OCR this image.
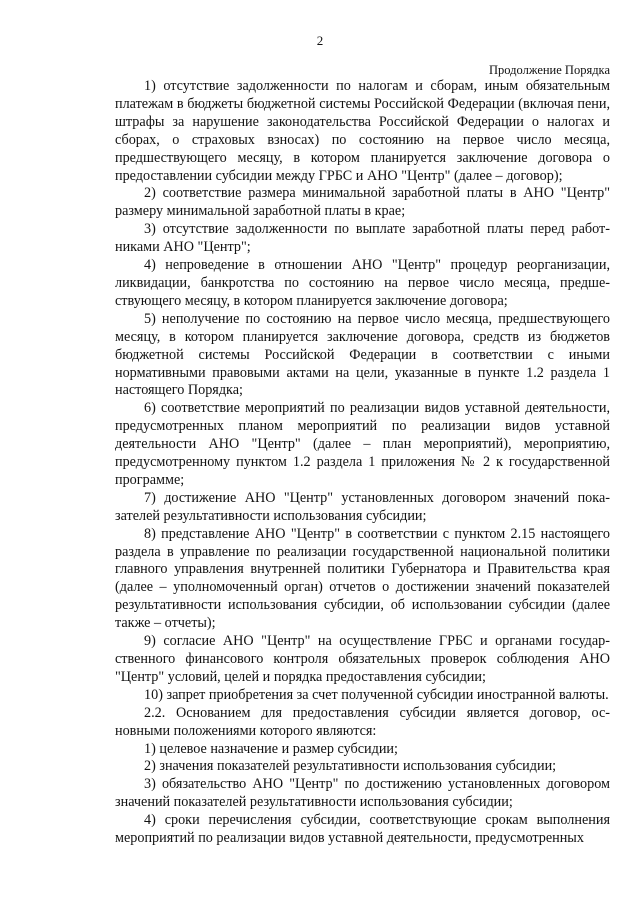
2
Продолжение Порядка

1) отсутствие задолженности по налогам и сборам, иным обязательным платежам в бюджеты бюджетной системы Российской Федерации (включая пени, штрафы за нарушение законодательства Российской Федерации о налогах и сборах, о страховых взносах) по состоянию на первое число месяца, предшествующего месяцу, в котором планируется заключение договора о предоставлении субсидии между ГРБС и АНО "Центр" (далее – договор);

2) соответствие размера минимальной заработной платы в АНО "Центр" размеру минимальной заработной платы в крае;

3) отсутствие задолженности по выплате заработной платы перед работниками АНО "Центр";

4) непроведение в отношении АНО "Центр" процедур реорганизации, ликвидации, банкротства по состоянию на первое число месяца, предшествующего месяцу, в котором планируется заключение договора;

5) неполучение по состоянию на первое число месяца, предшествующего месяцу, в котором планируется заключение договора, средств из бюджетов бюджетной системы Российской Федерации в соответствии с иными нормативными правовыми актами на цели, указанные в пункте 1.2 раздела 1 настоящего Порядка;

6) соответствие мероприятий по реализации видов уставной деятельности, предусмотренных планом мероприятий по реализации видов уставной деятельности АНО "Центр" (далее – план мероприятий), мероприятию, предусмотренному пунктом 1.2 раздела 1 приложения № 2 к государственной программе;

7) достижение АНО "Центр" установленных договором значений показателей результативности использования субсидии;

8) представление АНО "Центр" в соответствии с пунктом 2.15 настоящего раздела в управление по реализации государственной национальной политики главного управления внутренней политики Губернатора и Правительства края (далее – уполномоченный орган) отчетов о достижении значений показателей результативности использования субсидии, об использовании субсидии (далее также – отчеты);

9) согласие АНО "Центр" на осуществление ГРБС и органами государственного финансового контроля обязательных проверок соблюдения АНО "Центр" условий, целей и порядка предоставления субсидии;

10) запрет приобретения за счет полученной субсидии иностранной валюты.

2.2. Основанием для предоставления субсидии является договор, основными положениями которого являются:

1) целевое назначение и размер субсидии;

2) значения показателей результативности использования субсидии;

3) обязательство АНО "Центр" по достижению установленных договором значений показателей результативности использования субсидии;

4) сроки перечисления субсидии, соответствующие срокам выполнения мероприятий по реализации видов уставной деятельности, предусмотренных
